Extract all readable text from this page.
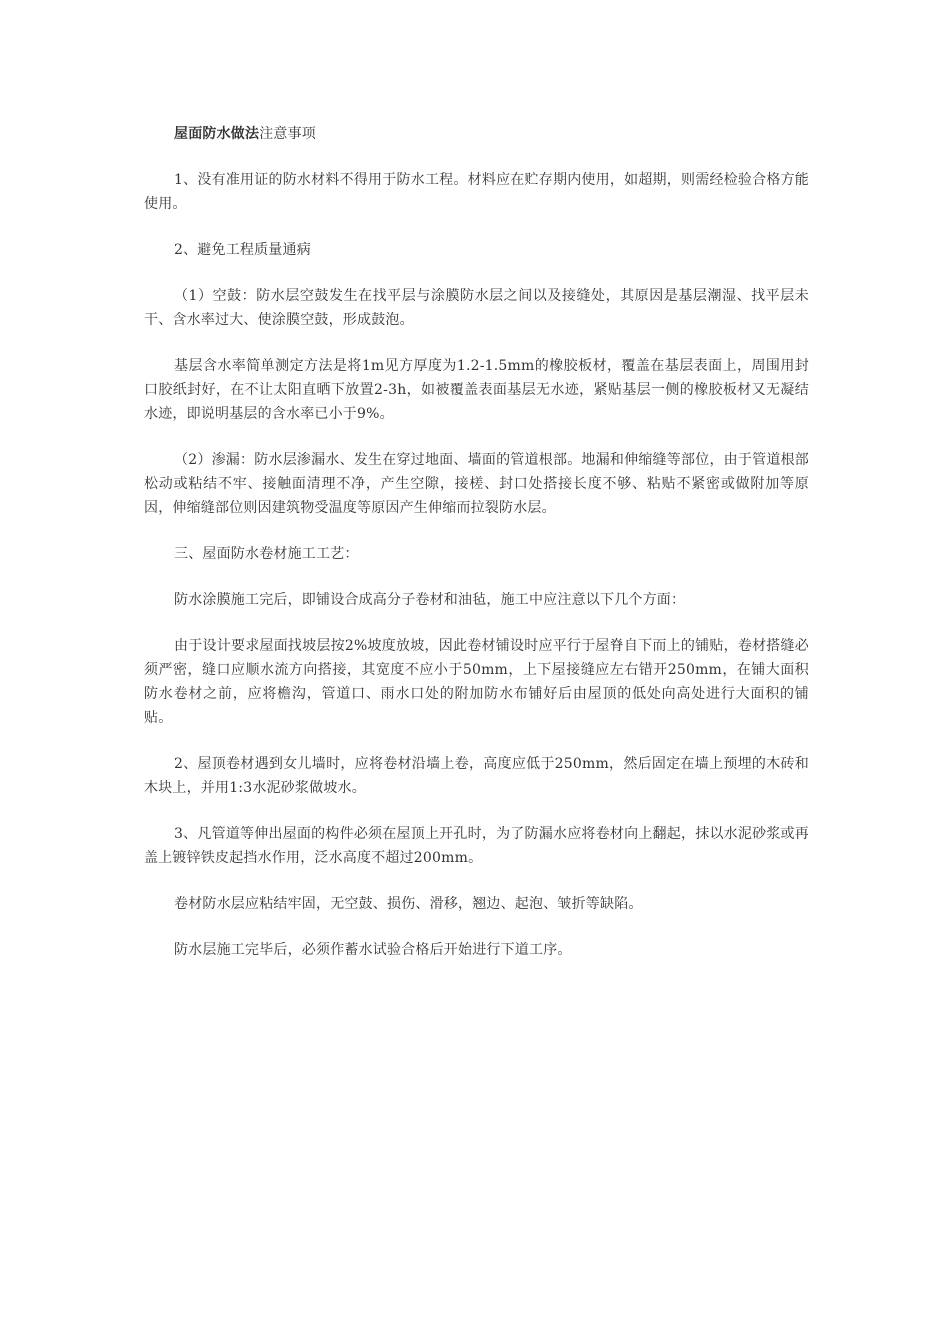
屋面防水做法注意事项

1、没有准用证的防水材料不得用于防水工程。材料应在贮存期内使用，如超期，则需经检验合格方能使用。

2、避免工程质量通病

（1）空鼓：防水层空鼓发生在找平层与涂膜防水层之间以及接缝处，其原因是基层潮湿、找平层未干、含水率过大、使涂膜空鼓，形成鼓泡。

基层含水率简单测定方法是将1m见方厚度为1.2-1.5mm的橡胶板材，覆盖在基层表面上，周围用封口胶纸封好，在不让太阳直晒下放置2-3h，如被覆盖表面基层无水迹，紧贴基层一侧的橡胶板材又无凝结水迹，即说明基层的含水率已小于9%。

（2）渗漏：防水层渗漏水、发生在穿过地面、墙面的管道根部。地漏和伸缩缝等部位，由于管道根部松动或粘结不牢、接触面清理不净，产生空隙，接槎、封口处搭接长度不够、粘贴不紧密或做附加等原因，伸缩缝部位则因建筑物受温度等原因产生伸缩而拉裂防水层。

三、屋面防水卷材施工工艺：

防水涂膜施工完后，即铺设合成高分子卷材和油毡，施工中应注意以下几个方面：

由于设计要求屋面找坡层按2%坡度放坡，因此卷材铺设时应平行于屋脊自下而上的铺贴，卷材搭缝必须严密，缝口应顺水流方向搭接，其宽度不应小于50mm，上下屋接缝应左右错开250mm，在铺大面积防水卷材之前，应将檐沟，管道口、雨水口处的附加防水布铺好后由屋顶的低处向高处进行大面积的铺贴。

2、屋顶卷材遇到女儿墙时，应将卷材沿墙上卷，高度应低于250mm，然后固定在墙上预埋的木砖和木块上，并用1:3水泥砂浆做坡水。

3、凡管道等伸出屋面的构件必须在屋顶上开孔时，为了防漏水应将卷材向上翻起，抹以水泥砂浆或再盖上镀锌铁皮起挡水作用，泛水高度不超过200mm。

卷材防水层应粘结牢固，无空鼓、损伤、滑移，翘边、起泡、皱折等缺陷。

防水层施工完毕后，必须作蓄水试验合格后开始进行下道工序。
